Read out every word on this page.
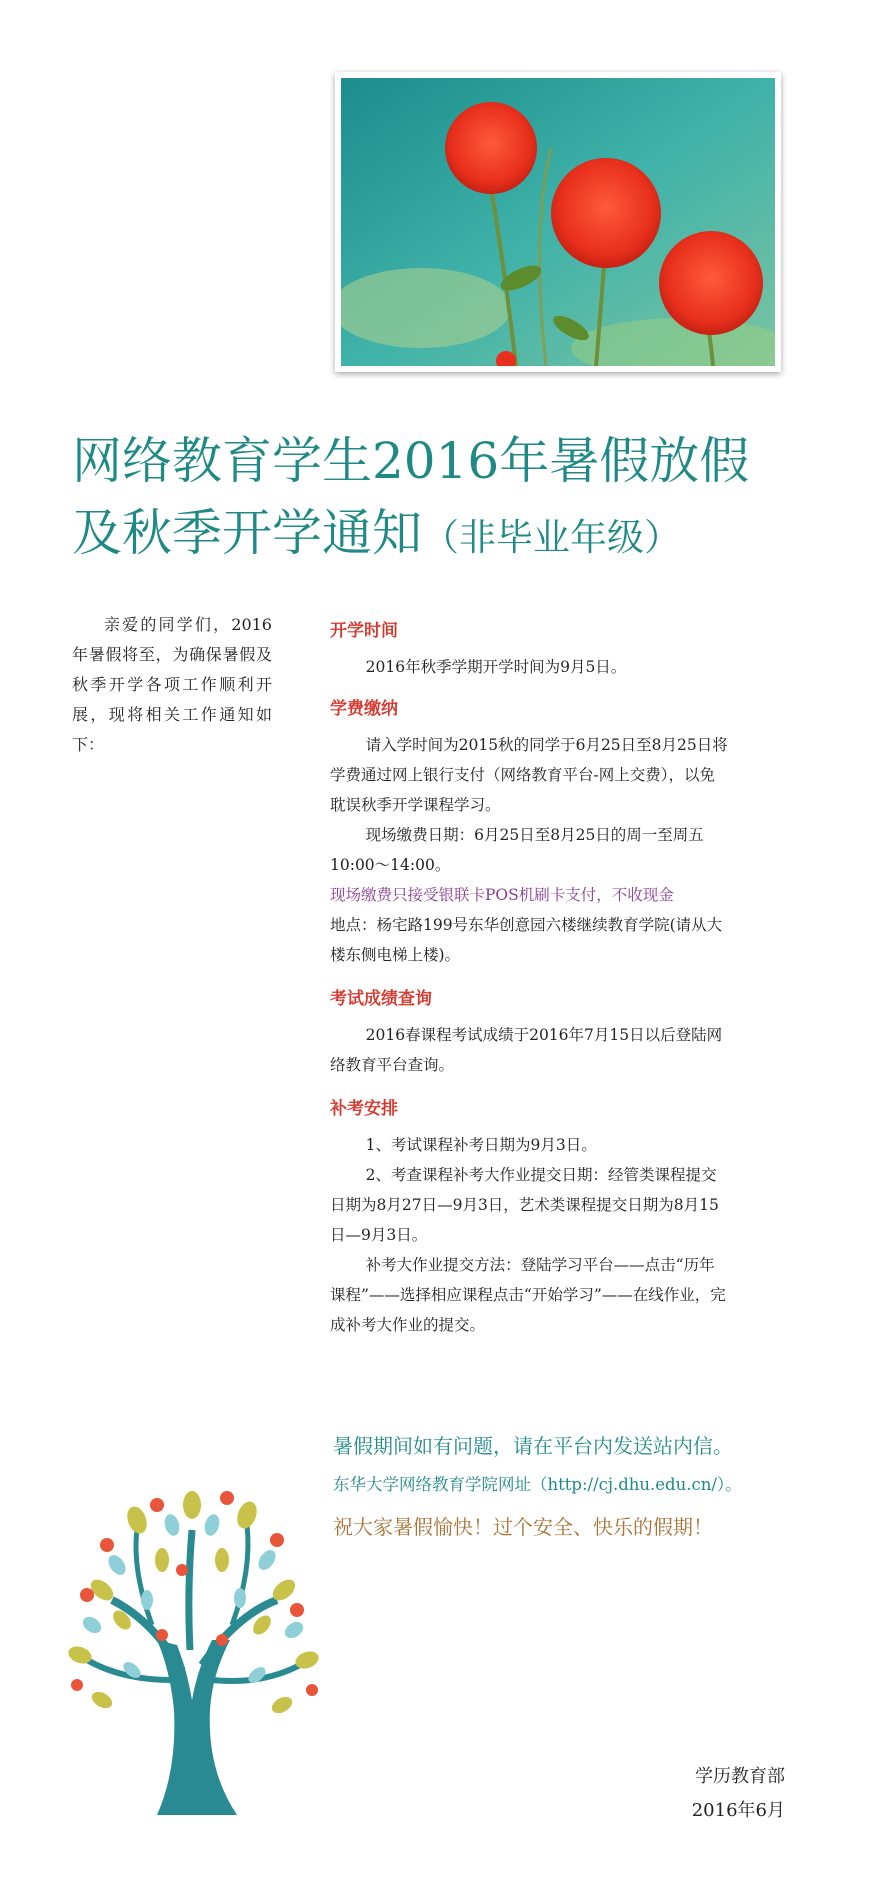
网络教育学生2016年暑假放假及秋季开学通知（非毕业年级）

亲爱的同学们，2016年暑假将至，为确保暑假及秋季开学各项工作顺利开展，现将相关工作通知如下：

开学时间

2016年秋季学期开学时间为9月5日。

学费缴纳

请入学时间为2015秋的同学于6月25日至8月25日将学费通过网上银行支付（网络教育平台-网上交费），以免耽误秋季开学课程学习。

现场缴费日期：6月25日至8月25日的周一至周五10:00～14:00。

现场缴费只接受银联卡POS机刷卡支付，不收现金

地点：杨宅路199号东华创意园六楼继续教育学院(请从大楼东侧电梯上楼)。

考试成绩查询

2016春课程考试成绩于2016年7月15日以后登陆网络教育平台查询。

补考安排

1、考试课程补考日期为9月3日。

2、考查课程补考大作业提交日期：经管类课程提交日期为8月27日—9月3日，艺术类课程提交日期为8月15日—9月3日。

补考大作业提交方法：登陆学习平台——点击“历年课程”——选择相应课程点击“开始学习”——在线作业，完成补考大作业的提交。

暑假期间如有问题，请在平台内发送站内信。

东华大学网络教育学院网址（http://cj.dhu.edu.cn/）。

祝大家暑假愉快！过个安全、快乐的假期！

学历教育部
2016年6月
